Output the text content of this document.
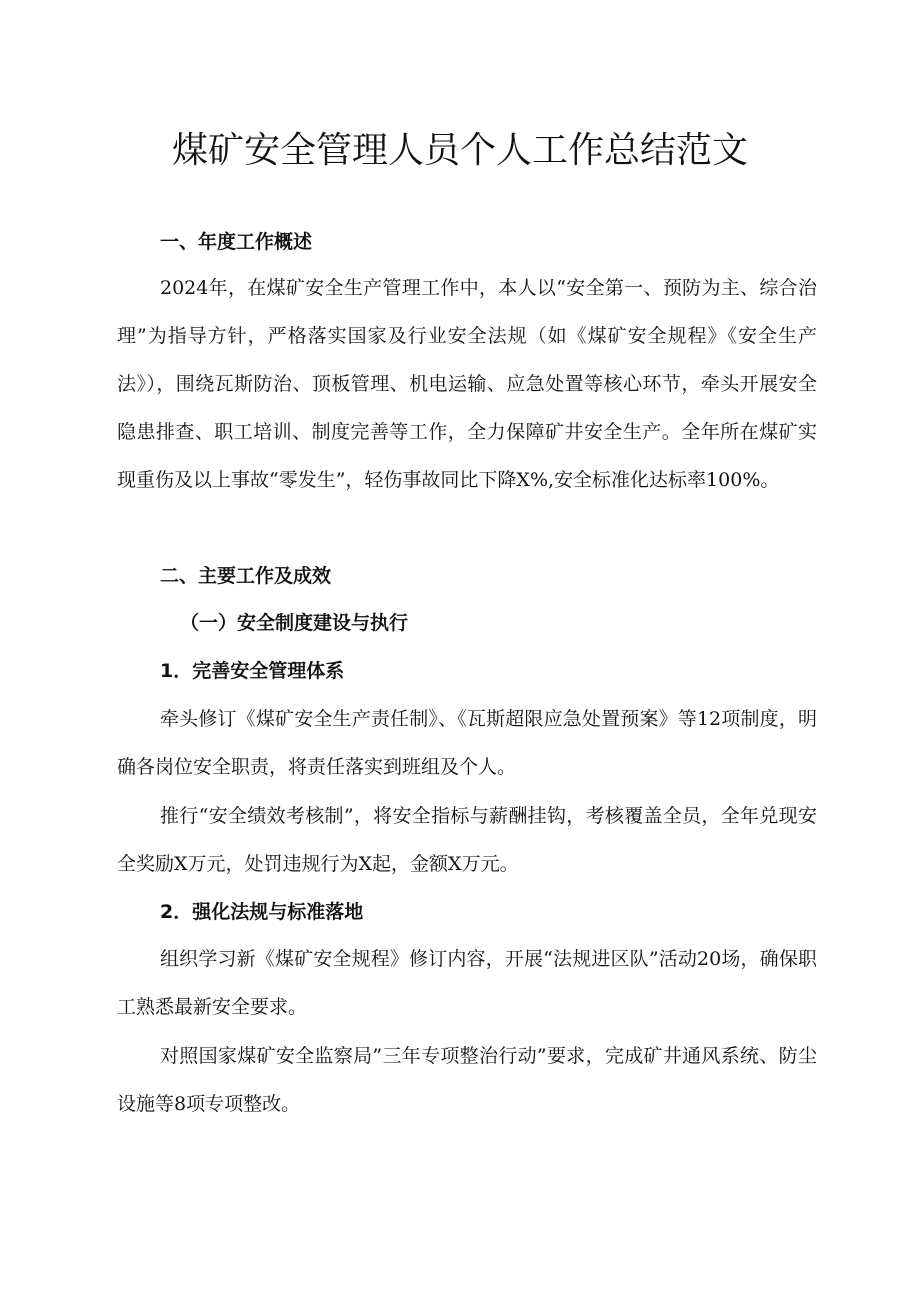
煤矿安全管理人员个人工作总结范文
一、年度工作概述
2024年，在煤矿安全生产管理工作中，本人以“安全第一、预防为主、综合治理”为指导方针，严格落实国家及行业安全法规（如《煤矿安全规程》《安全生产法》），围绕瓦斯防治、顶板管理、机电运输、应急处置等核心环节，牵头开展安全隐患排查、职工培训、制度完善等工作，全力保障矿井安全生产。全年所在煤矿实现重伤及以上事故“零发生”，轻伤事故同比下降X%,安全标准化达标率100%。
二、主要工作及成效
（一）安全制度建设与执行
1．完善安全管理体系
牵头修订《煤矿安全生产责任制》、《瓦斯超限应急处置预案》等12项制度，明确各岗位安全职责，将责任落实到班组及个人。
推行“安全绩效考核制”，将安全指标与薪酬挂钩，考核覆盖全员，全年兑现安全奖励X万元，处罚违规行为X起，金额X万元。
2．强化法规与标准落地
组织学习新《煤矿安全规程》修订内容，开展“法规进区队”活动20场，确保职工熟悉最新安全要求。
对照国家煤矿安全监察局”三年专项整治行动”要求，完成矿井通风系统、防尘设施等8项专项整改。
